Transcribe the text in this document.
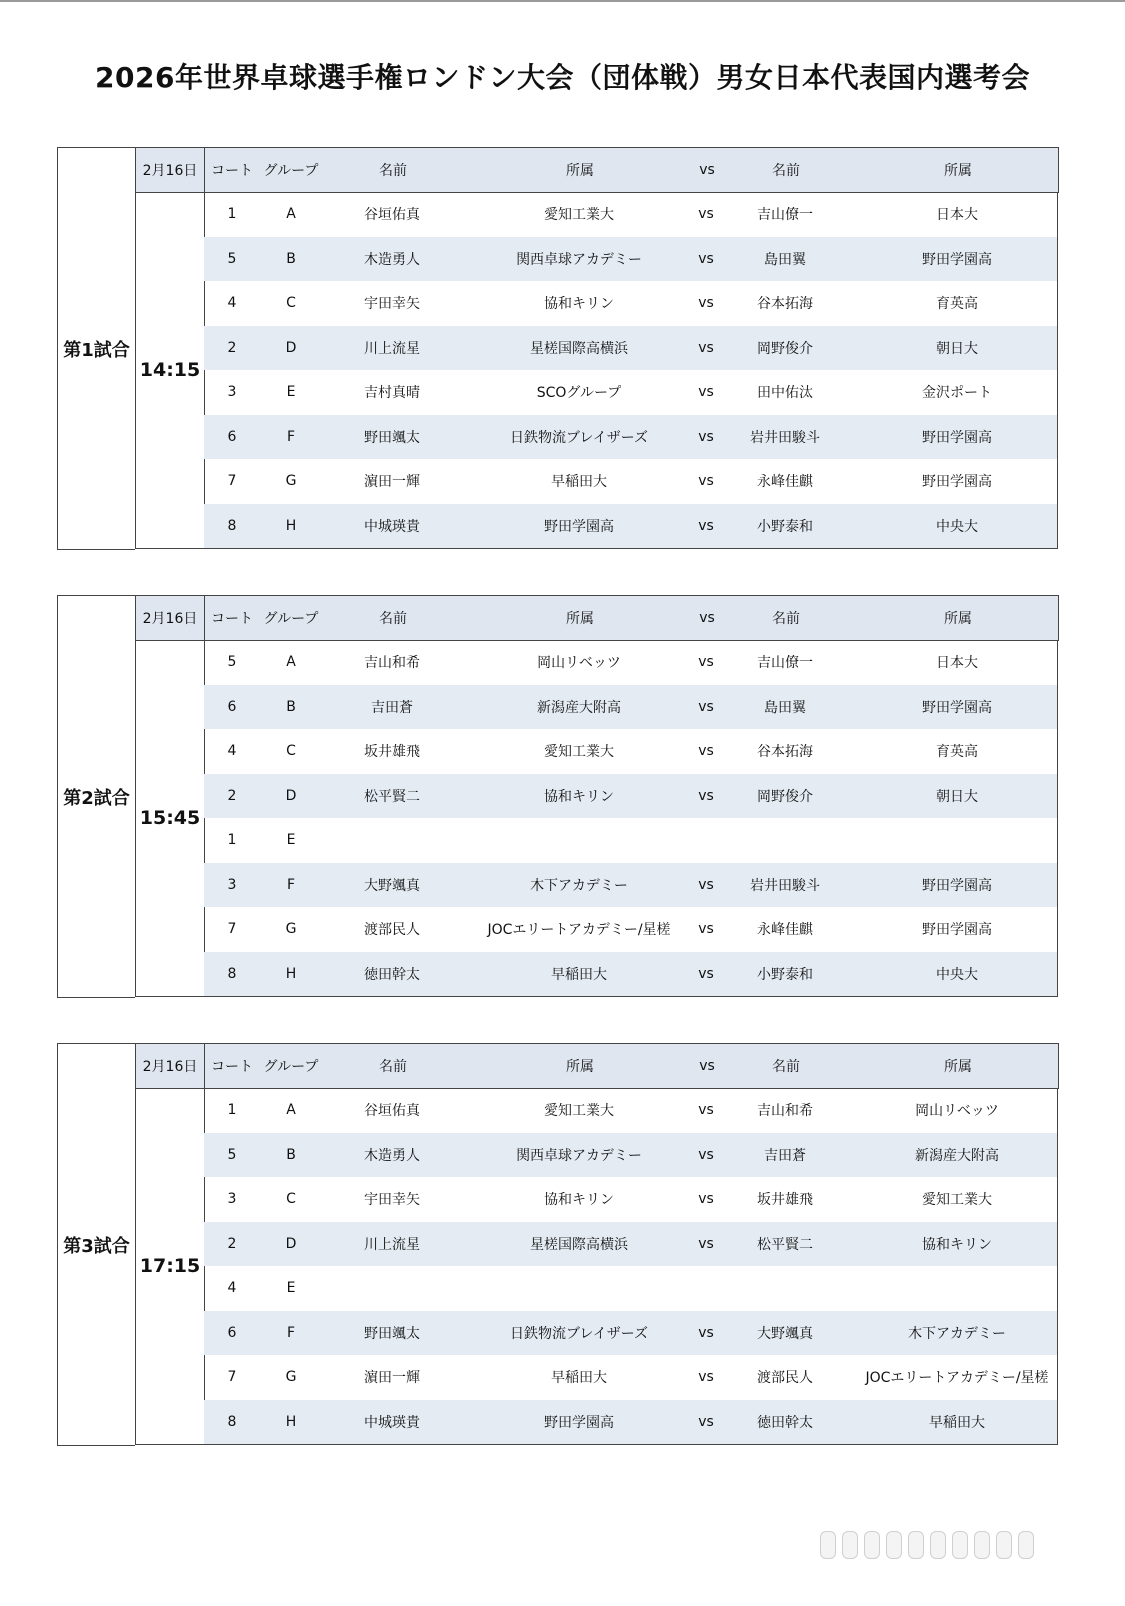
2026年世界卓球選手権ロンドン大会（団体戦）男女日本代表国内選考会
第1試合
2月16日 コート グループ	名前	所属	vs	名前	所属
14:15
1	A	谷垣佑真	愛知工業大	vs	吉山僚一	日本大
5	B	木造勇人	関西卓球アカデミー	vs	島田翼	野田学園高
4	C	宇田幸矢	協和キリン	vs	谷本拓海	育英高
2	D	川上流星	星槎国際高横浜	vs	岡野俊介	朝日大
3	E	吉村真晴	SCOグループ	vs	田中佑汰	金沢ポート
6	F	野田颯太	日鉄物流ブレイザーズ	vs	岩井田駿斗	野田学園高
7	G	濵田一輝	早稲田大	vs	永峰佳麒	野田学園高
8	H	中城瑛貴	野田学園高	vs	小野泰和	中央大
第2試合
2月16日 コート グループ	名前	所属	vs	名前	所属
15:45
5	A	吉山和希	岡山リベッツ	vs	吉山僚一	日本大
6	B	吉田蒼	新潟産大附高	vs	島田翼	野田学園高
4	C	坂井雄飛	愛知工業大	vs	谷本拓海	育英高
2	D	松平賢二	協和キリン	vs	岡野俊介	朝日大
1	E
3	F	大野颯真	木下アカデミー	vs	岩井田駿斗	野田学園高
7	G	渡部民人	JOCエリートアカデミー/星槎	vs	永峰佳麒	野田学園高
8	H	徳田幹太	早稲田大	vs	小野泰和	中央大
第3試合
2月16日 コート グループ	名前	所属	vs	名前	所属
17:15
1	A	谷垣佑真	愛知工業大	vs	吉山和希	岡山リベッツ
5	B	木造勇人	関西卓球アカデミー	vs	吉田蒼	新潟産大附高
3	C	宇田幸矢	協和キリン	vs	坂井雄飛	愛知工業大
2	D	川上流星	星槎国際高横浜	vs	松平賢二	協和キリン
4	E
6	F	野田颯太	日鉄物流ブレイザーズ	vs	大野颯真	木下アカデミー
7	G	濵田一輝	早稲田大	vs	渡部民人	JOCエリートアカデミー/星槎
8	H	中城瑛貴	野田学園高	vs	徳田幹太	早稲田大
